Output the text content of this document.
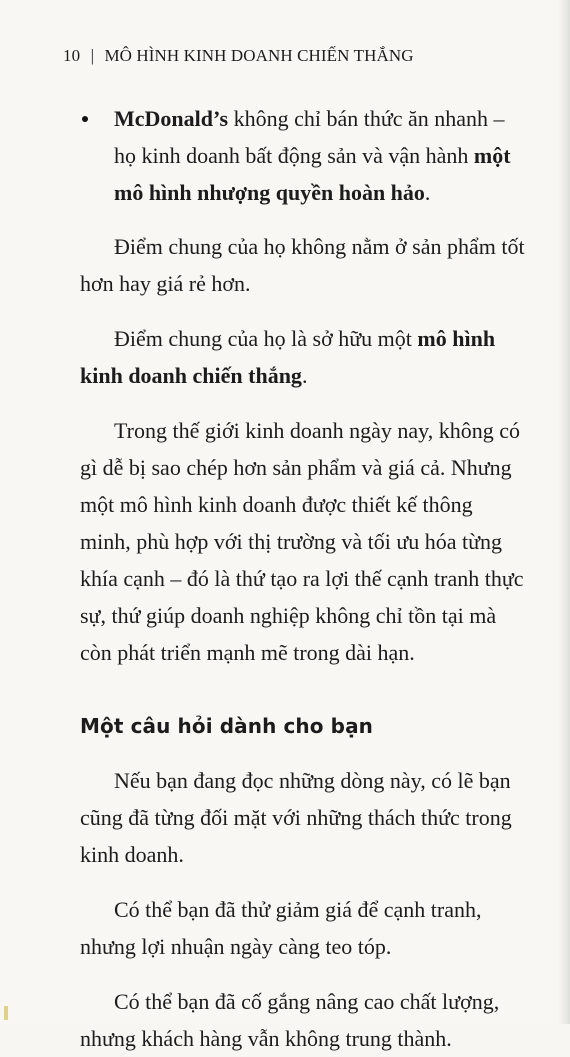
10 | MÔ HÌNH KINH DOANH CHIẾN THẮNG

McDonald’s không chỉ bán thức ăn nhanh – họ kinh doanh bất động sản và vận hành một mô hình nhượng quyền hoàn hảo.

Điểm chung của họ không nằm ở sản phẩm tốt hơn hay giá rẻ hơn.

Điểm chung của họ là sở hữu một mô hình kinh doanh chiến thắng.

Trong thế giới kinh doanh ngày nay, không có gì dễ bị sao chép hơn sản phẩm và giá cả. Nhưng một mô hình kinh doanh được thiết kế thông minh, phù hợp với thị trường và tối ưu hóa từng khía cạnh – đó là thứ tạo ra lợi thế cạnh tranh thực sự, thứ giúp doanh nghiệp không chỉ tồn tại mà còn phát triển mạnh mẽ trong dài hạn.

Một câu hỏi dành cho bạn

Nếu bạn đang đọc những dòng này, có lẽ bạn cũng đã từng đối mặt với những thách thức trong kinh doanh.

Có thể bạn đã thử giảm giá để cạnh tranh, nhưng lợi nhuận ngày càng teo tóp.

Có thể bạn đã cố gắng nâng cao chất lượng, nhưng khách hàng vẫn không trung thành.
